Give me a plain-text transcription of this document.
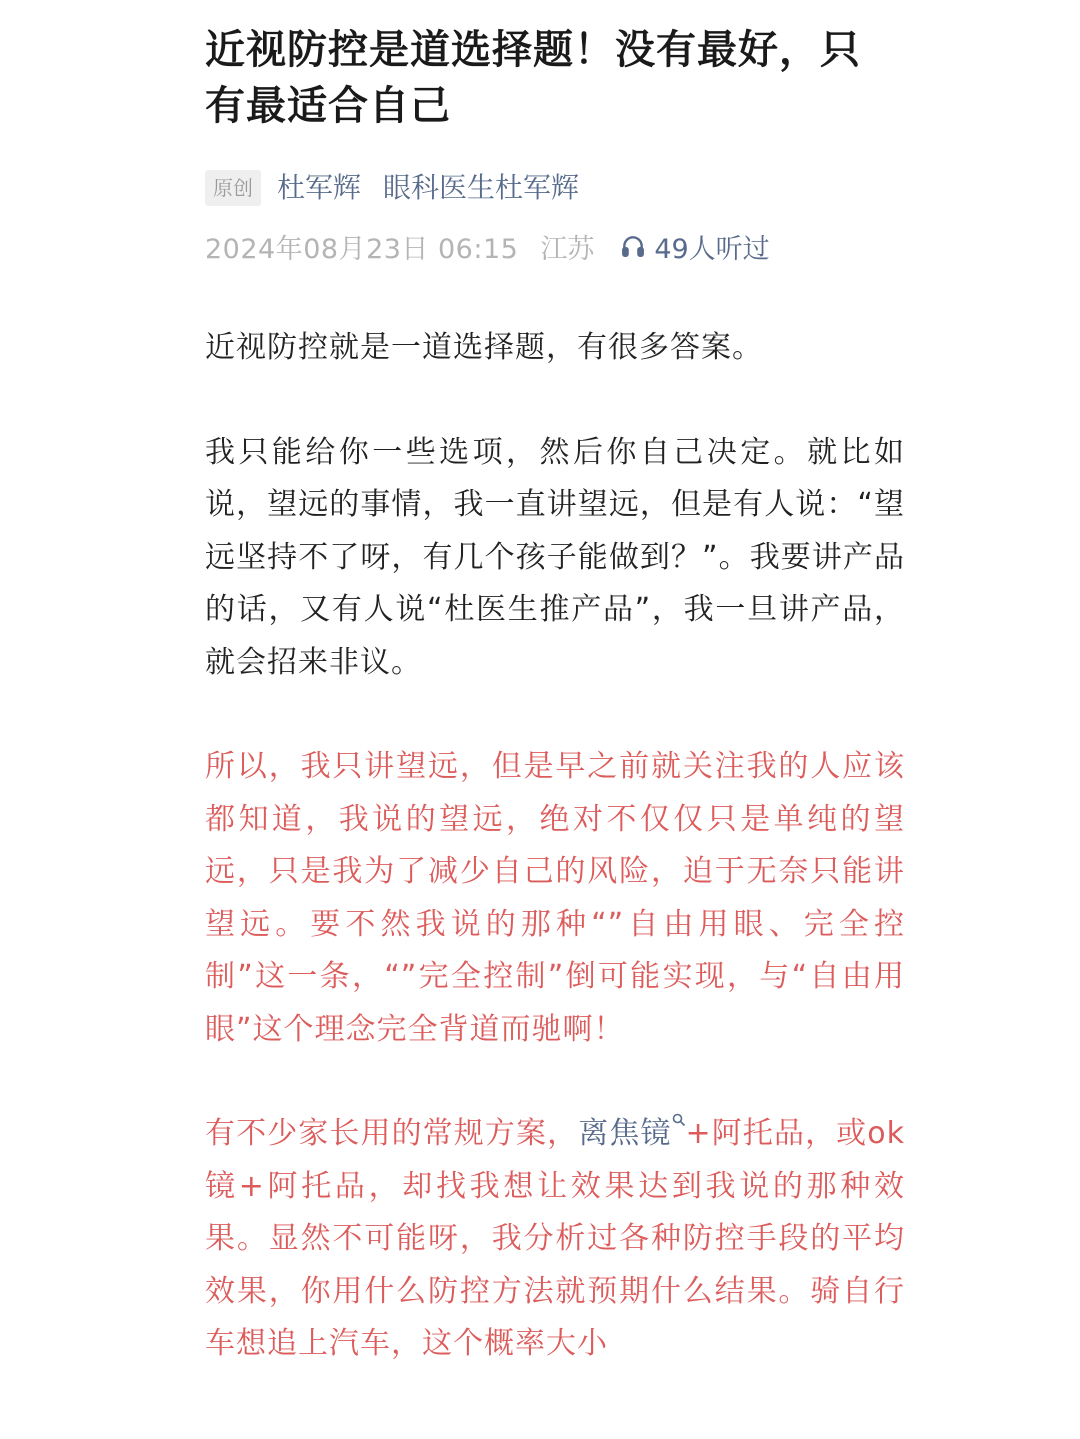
近视防控是道选择题！没有最好，只有最适合自己
原创 杜军辉 眼科医生杜军辉
2024年08月23日 06:15 江苏 49人听过

近视防控就是一道选择题，有很多答案。

我只能给你一些选项，然后你自己决定。就比如说，望远的事情，我一直讲望远，但是有人说：“望远坚持不了呀，有几个孩子能做到？”。我要讲产品的话，又有人说“杜医生推产品”，我一旦讲产品，就会招来非议。

所以，我只讲望远，但是早之前就关注我的人应该都知道，我说的望远，绝对不仅仅只是单纯的望远，只是我为了减少自己的风险，迫于无奈只能讲望远。要不然我说的那种“”自由用眼、完全控制”这一条，“”完全控制”倒可能实现，与“自由用眼”这个理念完全背道而驰啊！

有不少家长用的常规方案，离焦镜 +阿托品，或ok镜+阿托品，却找我想让效果达到我说的那种效果。显然不可能呀，我分析过各种防控手段的平均效果，你用什么防控方法就预期什么结果。骑自行车想追上汽车，这个概率大小
